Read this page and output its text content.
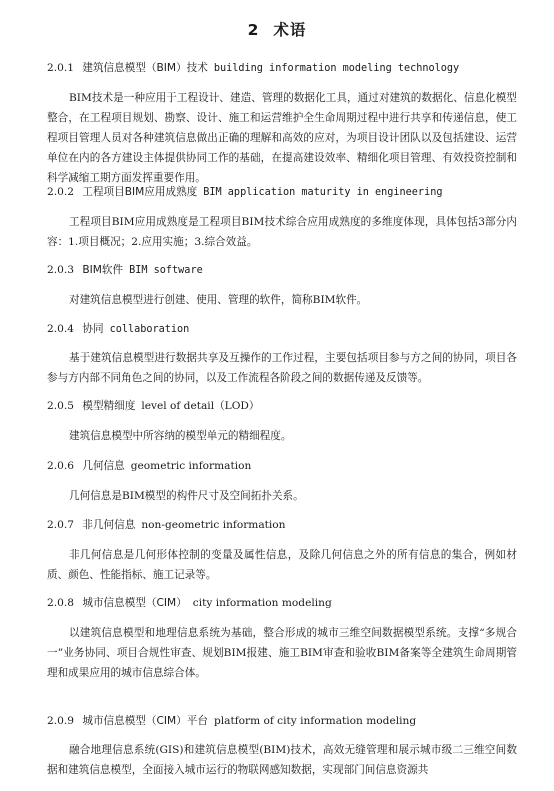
2 术语
2.0.1 建筑信息模型（BIM）技术 building information modeling technology

BIM技术是一种应用于工程设计、建造、管理的数据化工具，通过对建筑的数据化、信息化模型整合，在工程项目规划、勘察、设计、施工和运营维护全生命周期过程中进行共享和传递信息，使工程项目管理人员对各种建筑信息做出正确的理解和高效的应对，为项目设计团队以及包括建设、运营单位在内的各方建设主体提供协同工作的基础，在提高建设效率、精细化项目管理、有效投资控制和科学减缩工期方面发挥重要作用。

2.0.2 工程项目BIM应用成熟度 BIM application maturity in engineering

工程项目BIM应用成熟度是工程项目BIM技术综合应用成熟度的多维度体现，具体包括3部分内容：1.项目概况；2.应用实施；3.综合效益。

2.0.3 BIM软件 BIM software

对建筑信息模型进行创建、使用、管理的软件，简称BIM软件。

2.0.4 协同 collaboration

基于建筑信息模型进行数据共享及互操作的工作过程，主要包括项目参与方之间的协同，项目各参与方内部不同角色之间的协同，以及工作流程各阶段之间的数据传递及反馈等。

2.0.5 模型精细度 level of detail（LOD）

建筑信息模型中所容纳的模型单元的精细程度。

2.0.6 几何信息 geometric information

几何信息是BIM模型的构件尺寸及空间拓扑关系。

2.0.7 非几何信息 non-geometric information

非几何信息是几何形体控制的变量及属性信息，及除几何信息之外的所有信息的集合，例如材质、颜色、性能指标、施工记录等。

2.0.8 城市信息模型（CIM） city information modeling

以建筑信息模型和地理信息系统为基础，整合形成的城市三维空间数据模型系统。支撑“多规合一”业务协同、项目合规性审查、规划BIM报建、施工BIM审查和验收BIM备案等全建筑生命周期管理和成果应用的城市信息综合体。

2.0.9 城市信息模型（CIM）平台 platform of city information modeling

融合地理信息系统(GIS)和建筑信息模型(BIM)技术，高效无缝管理和展示城市级二三维空间数据和建筑信息模型，全面接入城市运行的物联网感知数据，实现部门间信息资源共
